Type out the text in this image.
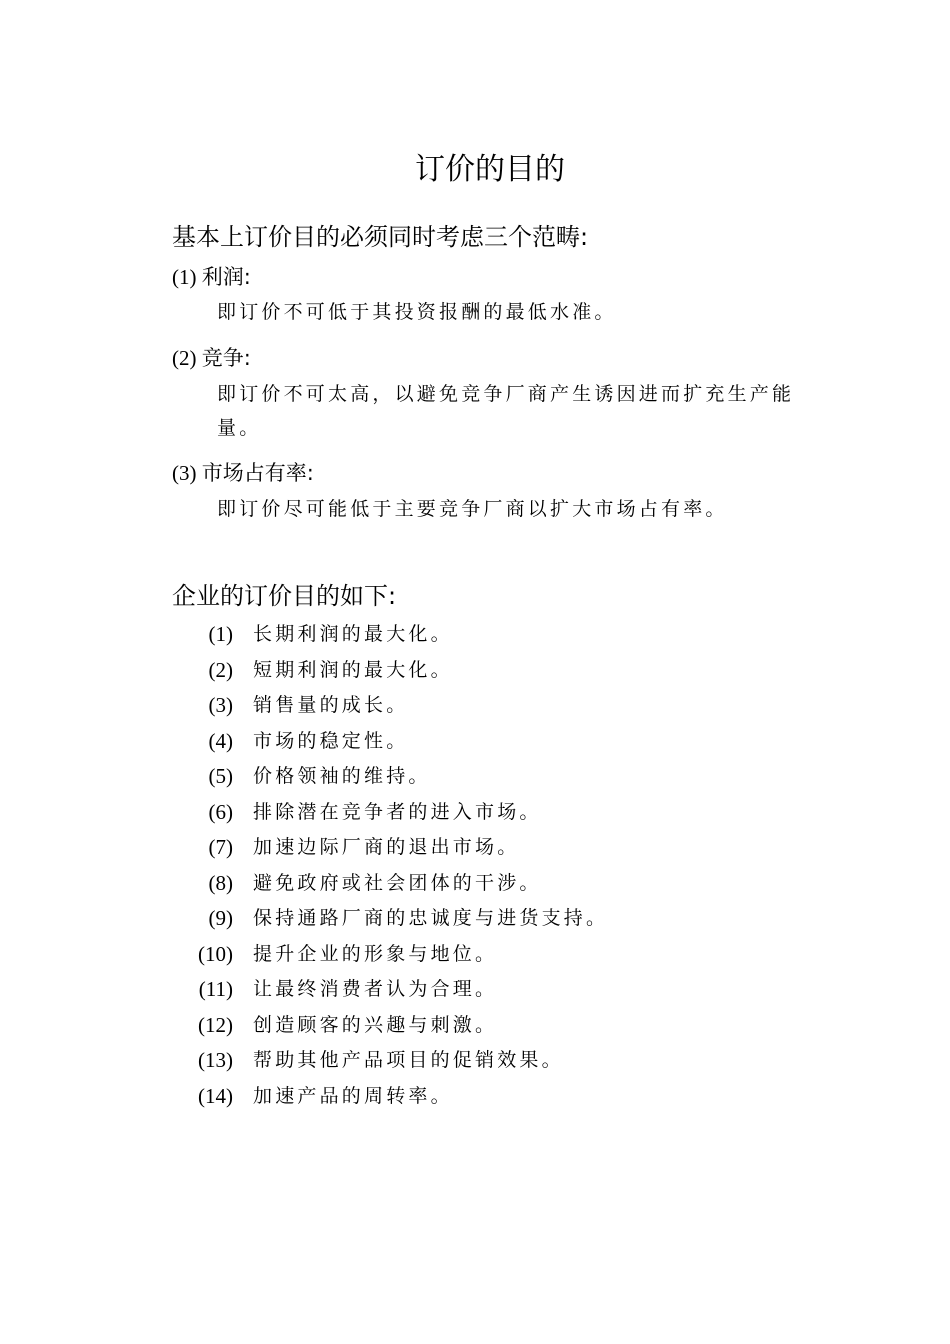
订价的目的
基本上订价目的必须同时考虑三个范畴:
(1) 利润:
即订价不可低于其投资报酬的最低水准。
(2) 竞争:
即订价不可太高，以避免竞争厂商产生诱因进而扩充生产能量。
(3) 市场占有率:
即订价尽可能低于主要竞争厂商以扩大市场占有率。
企业的订价目的如下:
(1) 长期利润的最大化。
(2) 短期利润的最大化。
(3) 销售量的成长。
(4) 市场的稳定性。
(5) 价格领袖的维持。
(6) 排除潜在竞争者的进入市场。
(7) 加速边际厂商的退出市场。
(8) 避免政府或社会团体的干涉。
(9) 保持通路厂商的忠诚度与进货支持。
(10) 提升企业的形象与地位。
(11) 让最终消费者认为合理。
(12) 创造顾客的兴趣与刺激。
(13) 帮助其他产品项目的促销效果。
(14) 加速产品的周转率。
